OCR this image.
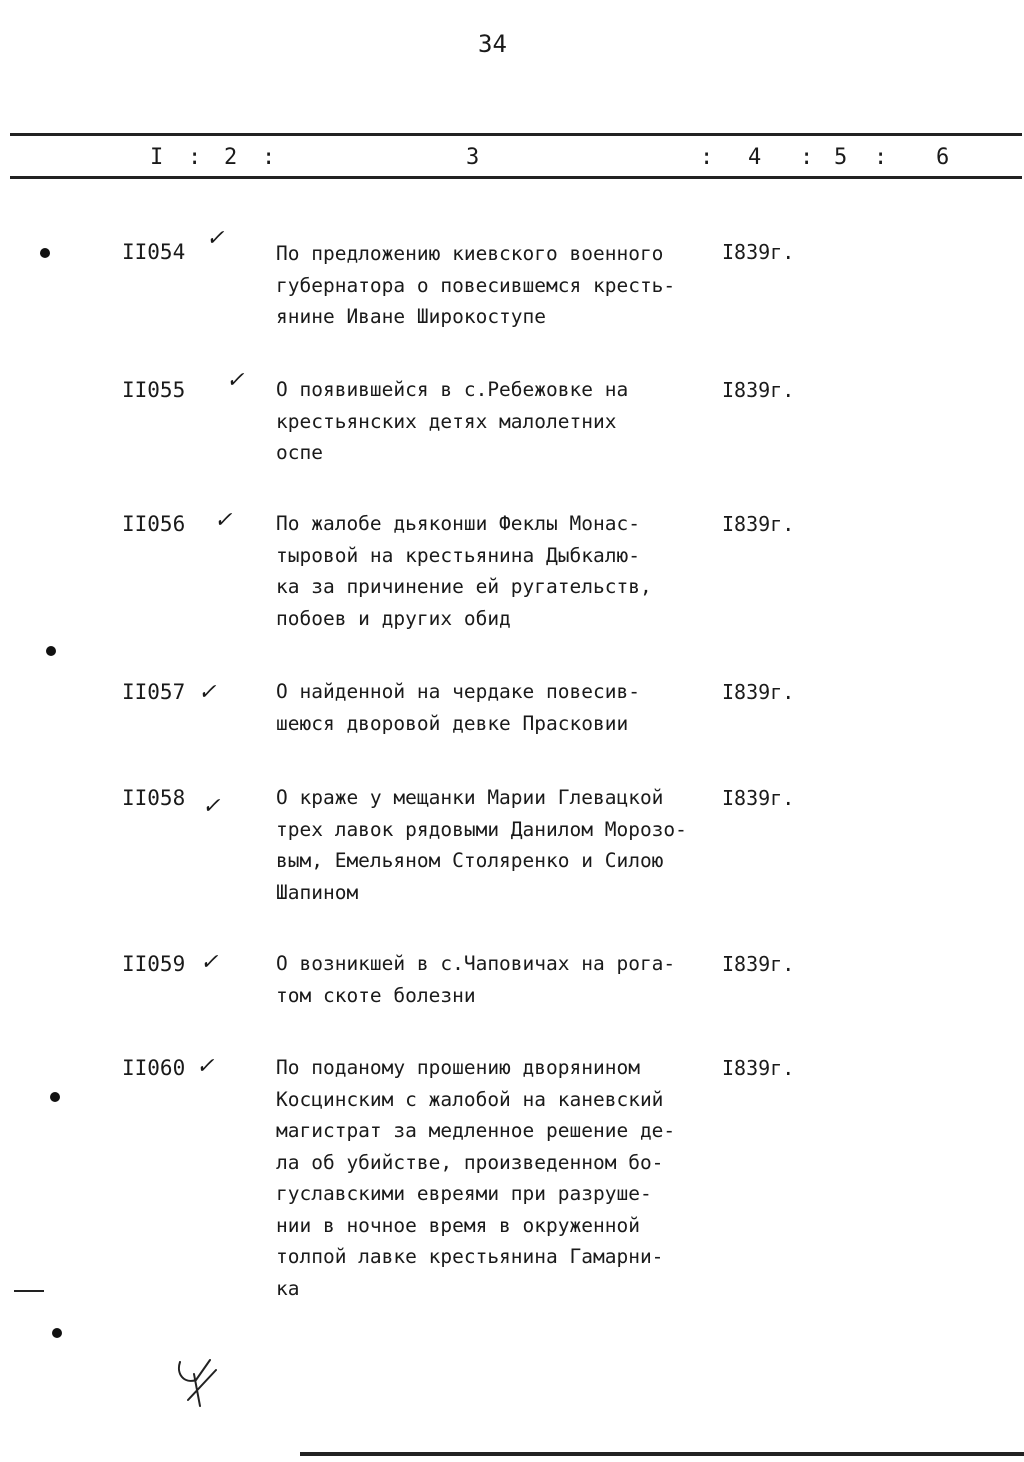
34
I : 2 :	3	: 4 : 5 : 6
II054
✓
По предложению киевского военного
губернатора о повесившемся кресть-
янине Иване Широкоступе
I839г.
II055 ✓ О появившейся в с.Ребежовке на
крестьянских детях малолетних
оспе
I839г.
II056 ✓ По жалобе дьяконши Феклы Монас-
тыровой на крестьянина Дыбкалю-
ка за причинение ей ругательств,
побоев и других обид
I839г.
II057 ✓	О найденной на чердаке повесив-
шеюся дворовой девке Прасковии
I839г.
II058 ✓	О краже у мещанки Марии Глевацкой
трех лавок рядовыми Данилом Морозо-
вым, Емельяном Столяренко и Силою
Шапином
I839г.
II059 ✓	О возникшей в с.Чаповичах на рога-
том скоте болезни
I839г.
II060 ✓	По поданому прошению дворянином
Косцинским с жалобой на каневский
магистрат за медленное решение де-
ла об убийстве, произведенном бо-
гуславскими евреями при разруше-
нии в ночное время в окруженной
толпой лавке крестьянина Гамарни-
ка
I839г.
